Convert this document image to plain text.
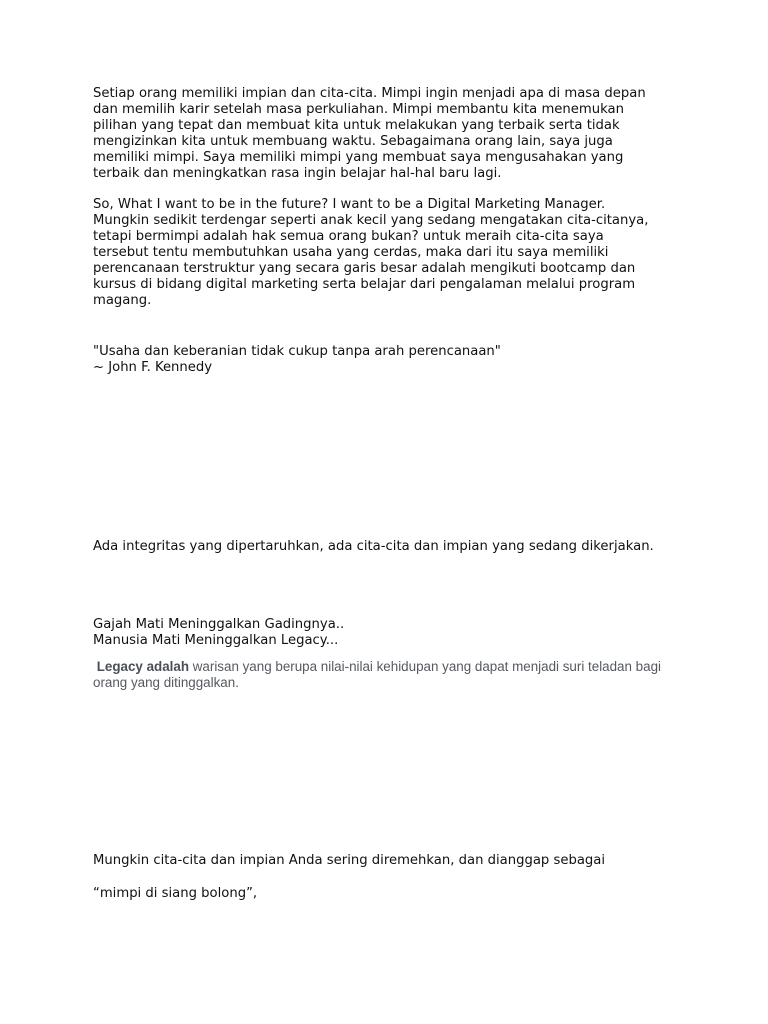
Setiap orang memiliki impian dan cita-cita. Mimpi ingin menjadi apa di masa depan
dan memilih karir setelah masa perkuliahan. Mimpi membantu kita menemukan
pilihan yang tepat dan membuat kita untuk melakukan yang terbaik serta tidak
mengizinkan kita untuk membuang waktu. Sebagaimana orang lain, saya juga
memiliki mimpi. Saya memiliki mimpi yang membuat saya mengusahakan yang
terbaik dan meningkatkan rasa ingin belajar hal-hal baru lagi.
So, What I want to be in the future? I want to be a Digital Marketing Manager.
Mungkin sedikit terdengar seperti anak kecil yang sedang mengatakan cita-citanya,
tetapi bermimpi adalah hak semua orang bukan? untuk meraih cita-cita saya
tersebut tentu membutuhkan usaha yang cerdas, maka dari itu saya memiliki
perencanaan terstruktur yang secara garis besar adalah mengikuti bootcamp dan
kursus di bidang digital marketing serta belajar dari pengalaman melalui program
magang.
"Usaha dan keberanian tidak cukup tanpa arah perencanaan"
~ John F. Kennedy
Ada integritas yang dipertaruhkan, ada cita-cita dan impian yang sedang dikerjakan.
Gajah Mati Meninggalkan Gadingnya..
Manusia Mati Meninggalkan Legacy...
Legacy adalah warisan yang berupa nilai-nilai kehidupan yang dapat menjadi suri teladan bagi
orang yang ditinggalkan.
Mungkin cita-cita dan impian Anda sering diremehkan, dan dianggap sebagai
“mimpi di siang bolong”,
